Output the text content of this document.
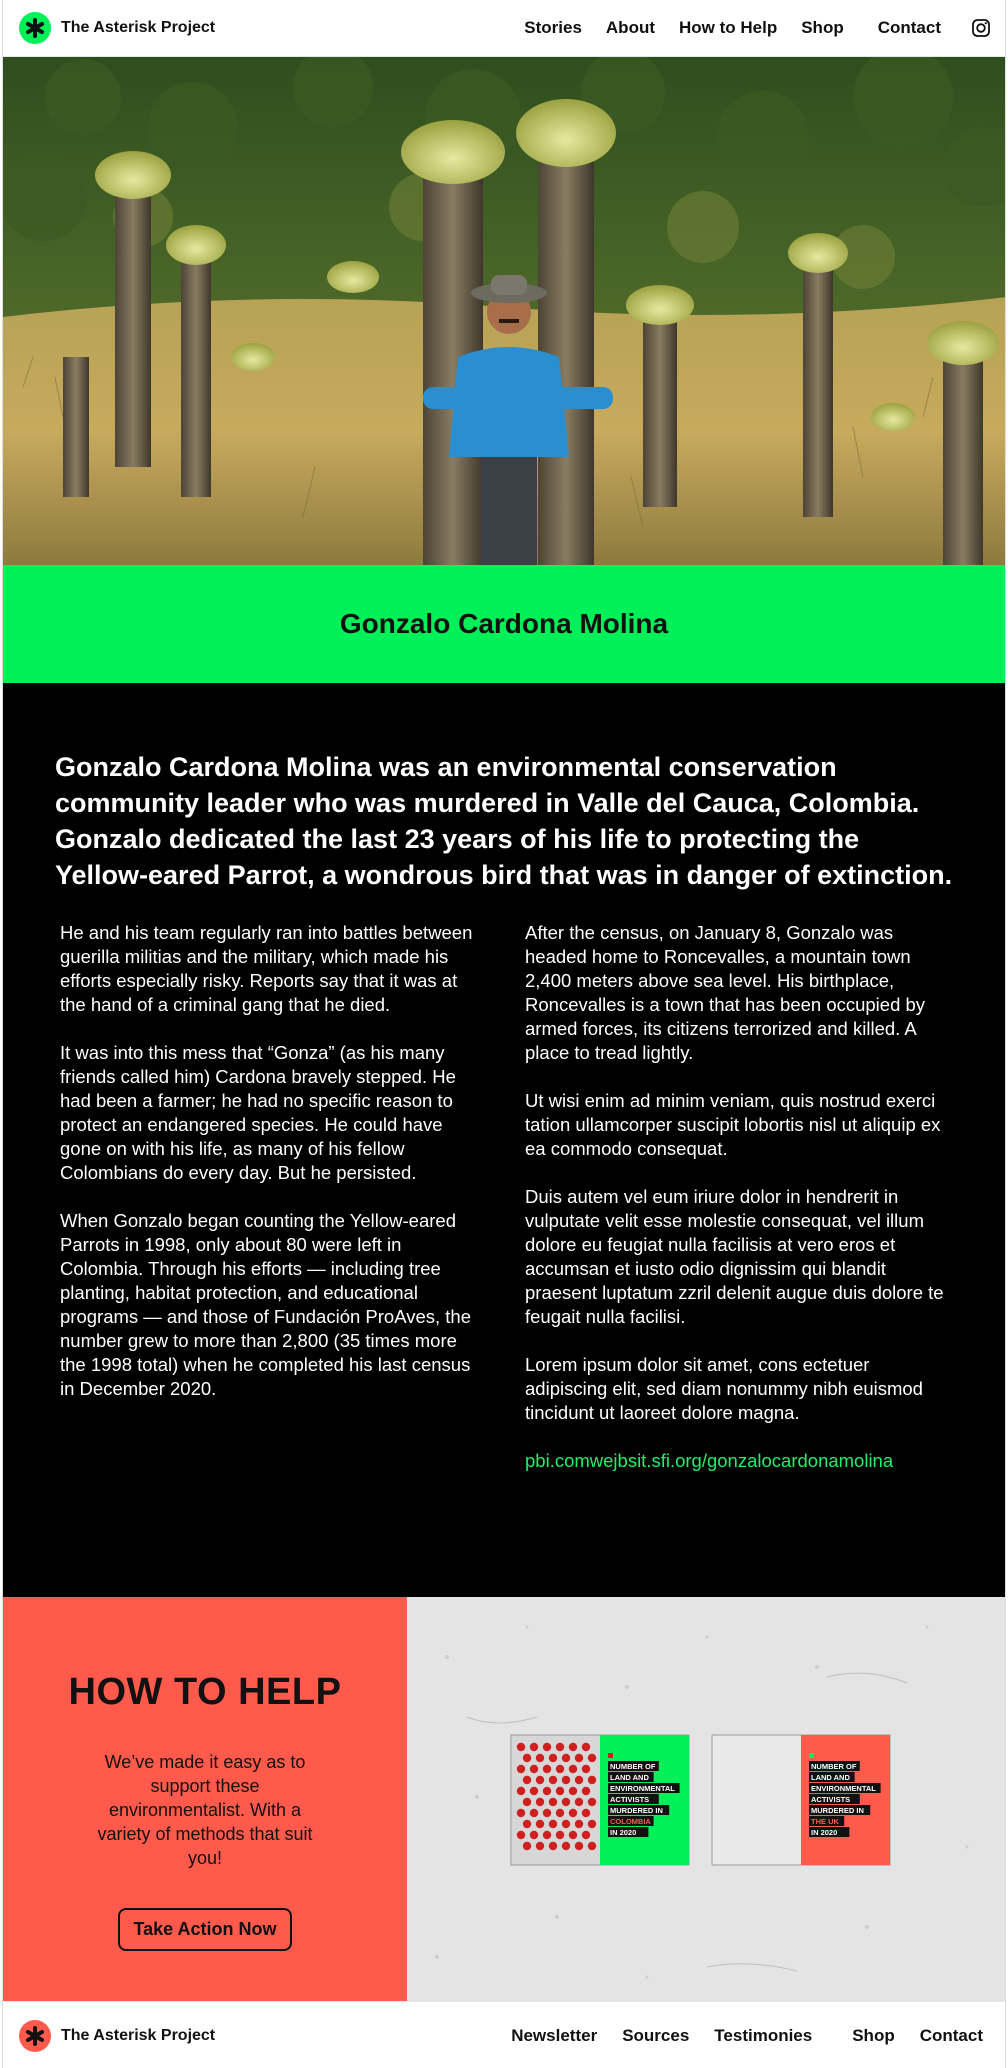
The Asterisk Project	Stories About How to Help Shop Contact
Gonzalo Cardona Molina

Gonzalo Cardona Molina was an environmental conservation community leader who was murdered in Valle del Cauca, Colombia. Gonzalo dedicated the last 23 years of his life to protecting the Yellow-eared Parrot, a wondrous bird that was in danger of extinction.

He and his team regularly ran into battles between guerilla militias and the military, which made his efforts especially risky. Reports say that it was at the hand of a criminal gang that he died.

It was into this mess that “Gonza” (as his many friends called him) Cardona bravely stepped. He had been a farmer; he had no specific reason to protect an endangered species. He could have gone on with his life, as many of his fellow Colombians do every day. But he persisted.

When Gonzalo began counting the Yellow-eared Parrots in 1998, only about 80 were left in Colombia. Through his efforts — including tree planting, habitat protection, and educational programs — and those of Fundación ProAves, the number grew to more than 2,800 (35 times more the 1998 total) when he completed his last census in December 2020.

After the census, on January 8, Gonzalo was headed home to Roncevalles, a mountain town 2,400 meters above sea level. His birthplace, Roncevalles is a town that has been occupied by armed forces, its citizens terrorized and killed. A place to tread lightly.

Ut wisi enim ad minim veniam, quis nostrud exerci tation ullamcorper suscipit lobortis nisl ut aliquip ex ea commodo consequat.

Duis autem vel eum iriure dolor in hendrerit in vulputate velit esse molestie consequat, vel illum dolore eu feugiat nulla facilisis at vero eros et accumsan et iusto odio dignissim qui blandit praesent luptatum zzril delenit augue duis dolore te feugait nulla facilisi.

Lorem ipsum dolor sit amet, cons ectetuer adipiscing elit, sed diam nonummy nibh euismod tincidunt ut laoreet dolore magna.

pbi.comwejbsit.sfi.org/gonzalocardonamolina

HOW TO HELP

We’ve made it easy as to support these environmentalist. With a variety of methods that suit you!

Take Action Now
NUMBER OF
LAND AND
ENVIRONMENTAL
ACTIVISTS
MURDERED IN
COLOMBIA
IN 2020
NUMBER OF
LAND AND
ENVIRONMENTAL
ACTIVISTS
MURDERED IN
THE UK
IN 2020
The Asterisk Project	Newsletter Sources Testimonies Shop Contact
